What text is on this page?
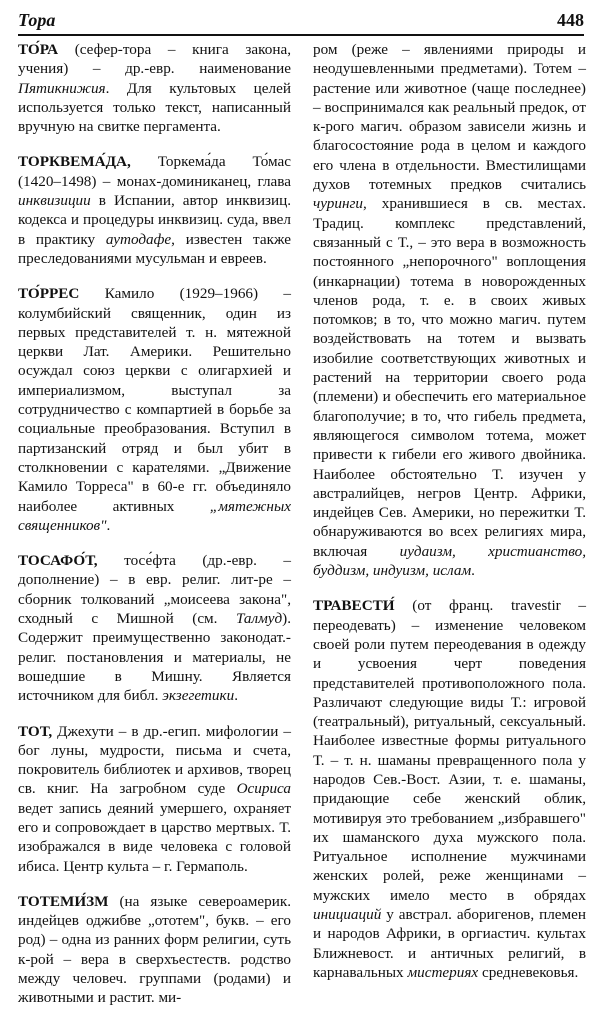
Тора	448

ТО́РА (сефер-тора – книга закона, учения) – др.-евр. наименование Пятикнижия. Для культовых целей используется только текст, написанный вручную на свитке пергамента.

ТОРКВЕМА́ДА, Торкема́да То́мас (1420–1498) – монах-доминиканец, глава инквизиции в Испании, автор инквизиц. кодекса и процедуры инквизиц. суда, ввел в практику аутодафе, известен также преследованиями мусульман и евреев.

ТО́РРЕС Камило (1929–1966) – колумбийский священник, один из первых представителей т. н. мятежной церкви Лат. Америки. Решительно осуждал союз церкви с олигархией и империализмом, выступал за сотрудничество с компартией в борьбе за социальные преобразования. Вступил в партизанский отряд и был убит в столкновении с карателями. „Движение Камило Торреса" в 60-е гг. объединяло наиболее активных „мятежных священников".

ТОСАФО́Т, тосе́фта (др.-евр. – дополнение) – в евр. религ. лит-ре – сборник толкований „моисеева закона", сходный с Мишной (см. Талмуд). Содержит преимущественно законодат.-религ. постановления и материалы, не вошедшие в Мишну. Является источником для библ. экзегетики.

ТОТ, Джехути – в др.-егип. мифологии – бог луны, мудрости, письма и счета, покровитель библиотек и архивов, творец св. книг. На загробном суде Осириса ведет запись деяний умершего, охраняет его и сопровождает в царство мертвых. Т. изображался в виде человека с головой ибиса. Центр культа – г. Гермаполь.

ТОТЕМИ́ЗМ (на языке североамерик. индейцев оджибве „ототем", букв. – его род) – одна из ранних форм религии, суть к-рой – вера в сверхъестеств. родство между человеч. группами (родами) и животными и растит. ми-

ром (реже – явлениями природы и неодушевленными предметами). Тотем – растение или животное (чаще последнее) – воспринимался как реальный предок, от к-рого магич. образом зависели жизнь и благосостояние рода в целом и каждого его члена в отдельности. Вместилищами духов тотемных предков считались чуринги, хранившиеся в св. местах. Традиц. комплекс представлений, связанный с Т., – это вера в возможность постоянного „непорочного" воплощения (инкарнации) тотема в новорожденных членов рода, т. е. в своих живых потомков; в то, что можно магич. путем воздействовать на тотем и вызвать изобилие соответствующих животных и растений на территории своего рода (племени) и обеспечить его материальное благополучие; в то, что гибель предмета, являющегося символом тотема, может привести к гибели его живого двойника. Наиболее обстоятельно Т. изучен у австралийцев, негров Центр. Африки, индейцев Сев. Америки, но пережитки Т. обнаруживаются во всех религиях мира, включая иудаизм, христианство, буддизм, индуизм, ислам.

ТРАВЕСТИ́ (от франц. travestir – переодевать) – изменение человеком своей роли путем переодевания в одежду и усвоения черт поведения представителей противоположного пола. Различают следующие виды Т.: игровой (театральный), ритуальный, сексуальный. Наиболее известные формы ритуального Т. – т. н. шаманы превращенного пола у народов Сев.-Вост. Азии, т. е. шаманы, придающие себе женский облик, мотивируя это требованием „избравшего" их шаманского духа мужского пола. Ритуальное исполнение мужчинами женских ролей, реже женщинами – мужских имело место в обрядах инициаций у австрал. аборигенов, племен и народов Африки, в оргиастич. культах Ближневост. и античных религий, в карнавальных мистериях средневековья.
